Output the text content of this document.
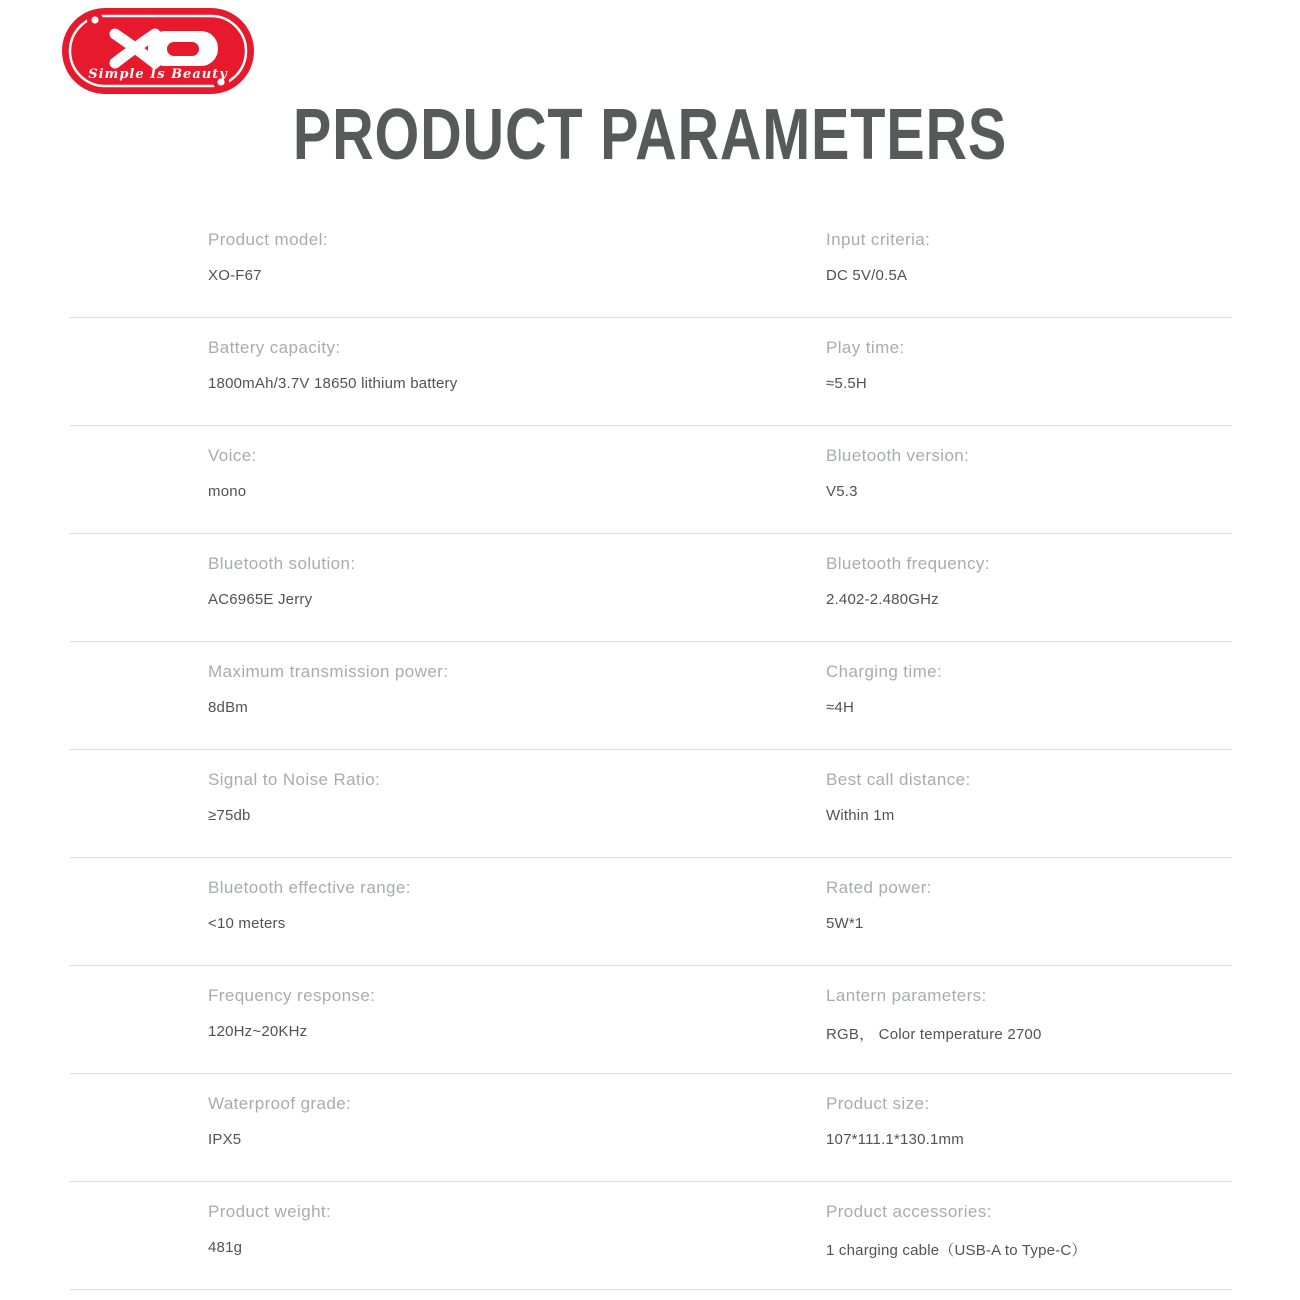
Simple Is Beauty
PRODUCT PARAMETERS

Product model:

XO-F67

Input criteria:

DC 5V/0.5A

Battery capacity:

1800mAh/3.7V 18650 lithium battery

Play time:

≈5.5H

Voice:

mono

Bluetooth version:

V5.3

Bluetooth solution:

AC6965E Jerry

Bluetooth frequency:

2.402-2.480GHz

Maximum transmission power:

8dBm

Charging time:

≈4H

Signal to Noise Ratio:

≥75db

Best call distance:

Within 1m

Bluetooth effective range:

<10 meters

Rated power:

5W*1

Frequency response:

120Hz~20KHz

Lantern parameters:

RGB， Color temperature 2700

Waterproof grade:

IPX5

Product size:

107*111.1*130.1mm

Product weight:

481g

Product accessories:

1 charging cable（USB-A to Type-C）
